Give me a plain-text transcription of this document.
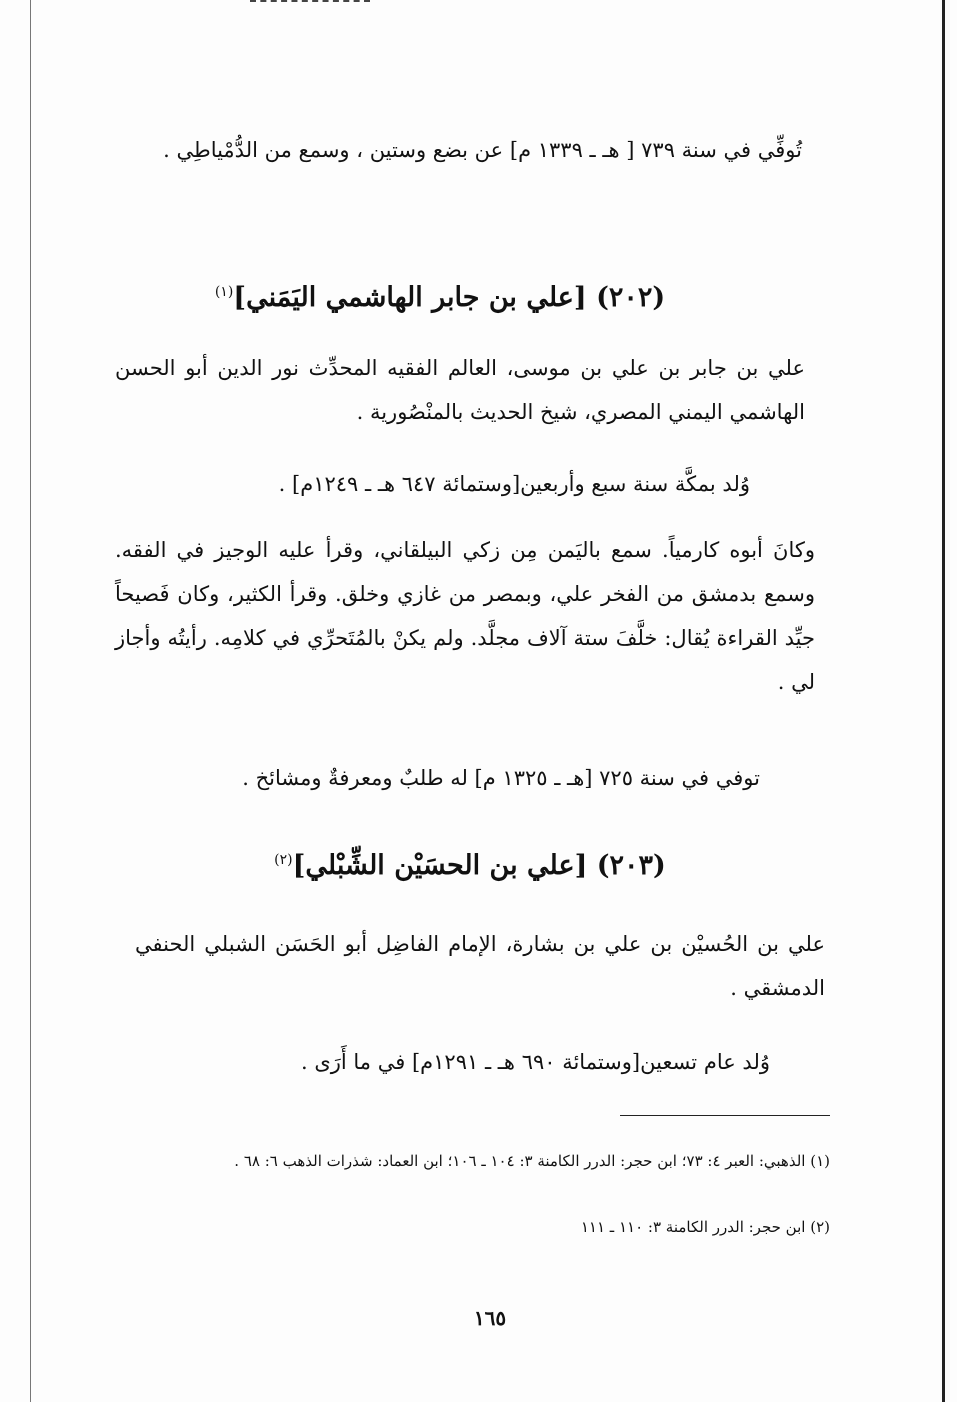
تُوفِّي في سنة ٧٣٩ [ هـ ـ ١٣٣٩ م] عن بضع وستين ، وسمع من الدُّمْياطِي .
(٢٠٢) [علي بن جابر الهاشمي اليَمَني]$^{(١)}$
علي بن جابر بن علي بن موسى، العالم الفقيه المحدِّث نور الدين أبو الحسن الهاشمي اليمني المصري، شيخ الحديث بالمنْصُورية .
وُلد بمكَّة سنة سبع وأربعين[وستمائة ٦٤٧ هـ ـ ١٢٤٩م] .
وكانَ أبوه كارمياً. سمع باليَمن مِن زكي البيلقاني، وقرأ عليه الوجيز في الفقه. وسمع بدمشق من الفخر علي، وبمصر من غازي وخلق. وقرأ الكثير، وكان فَصيحاً جيِّد القراءة يُقال: خلَّفَ ستة آلاف مجلَّد. ولم يكنْ بالمُتَحرِّي في كلامِه. رأيتُه وأجاز لي .
توفي في سنة ٧٢٥ [هـ ـ ١٣٢٥ م] له طلبٌ ومعرفةٌ ومشائخ .
(٢٠٣) [علي بن الحسَيْن الشِّبْلي]$^{(٢)}$
علي بن الحُسيْن بن علي بن بشارة، الإمام الفاضِل أبو الحَسَن الشبلي الحنفي الدمشقي .
وُلد عام تسعين[وستمائة ٦٩٠ هـ ـ ١٢٩١م] في ما أَرَى .
(١) الذهبي: العبر ٤: ٧٣؛ ابن حجر: الدرر الكامنة ٣: ١٠٤ ـ ١٠٦؛ ابن العماد: شذرات الذهب ٦: ٦٨ .
(٢) ابن حجر: الدرر الكامنة ٣: ١١٠ ـ ١١١
١٦٥
